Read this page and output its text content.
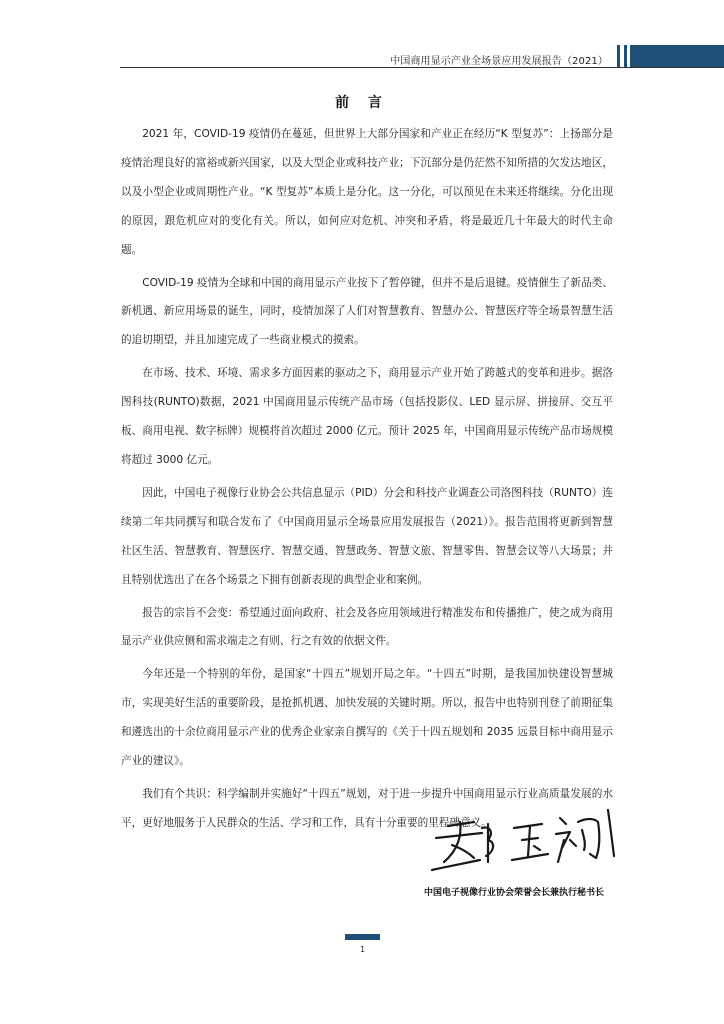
中国商用显示产业全场景应用发展报告（2021）
前 言

2021 年，COVID-19 疫情仍在蔓延，但世界上大部分国家和产业正在经历“K 型复苏”：上扬部分是疫情治理良好的富裕或新兴国家，以及大型企业或科技产业；下沉部分是仍茫然不知所措的欠发达地区，以及小型企业或周期性产业。“K 型复苏”本质上是分化。这一分化，可以预见在未来还将继续。分化出现的原因，跟危机应对的变化有关。所以，如何应对危机、冲突和矛盾，将是最近几十年最大的时代主命题。

COVID-19 疫情为全球和中国的商用显示产业按下了暂停键，但并不是后退键。疫情催生了新品类、新机遇、新应用场景的诞生，同时，疫情加深了人们对智慧教育、智慧办公、智慧医疗等全场景智慧生活的追切期望，并且加速完成了一些商业模式的摸索。

在市场、技术、环境、需求多方面因素的驱动之下，商用显示产业开始了跨越式的变革和进步。据洛图科技(RUNTO)数据，2021 中国商用显示传统产品市场（包括投影仪、LED 显示屏、拼接屏、交互平板、商用电视、数字标牌）规模将首次超过 2000 亿元。预计 2025 年，中国商用显示传统产品市场规模将超过 3000 亿元。

因此，中国电子视像行业协会公共信息显示（PID）分会和科技产业调查公司洛图科技（RUNTO）连续第二年共同撰写和联合发布了《中国商用显示全场景应用发展报告（2021）》。报告范围将更新到智慧社区生活、智慧教育、智慧医疗、智慧交通、智慧政务、智慧文旅、智慧零售、智慧会议等八大场景；并且特别优选出了在各个场景之下拥有创新表现的典型企业和案例。

报告的宗旨不会变：希望通过面向政府、社会及各应用领域进行精准发布和传播推广，使之成为商用显示产业供应侧和需求端走之有则、行之有效的依据文件。

今年还是一个特别的年份，是国家“十四五”规划开局之年。“十四五”时期，是我国加快建设智慧城市，实现美好生活的重要阶段，是抢抓机遇、加快发展的关键时期。所以，报告中也特别刊登了前期征集和遴选出的十余位商用显示产业的优秀企业家亲自撰写的《关于十四五规划和 2035 远景目标中商用显示产业的建议》。

我们有个共识：科学编制并实施好“十四五”规划，对于进一步提升中国商用显示行业高质量发展的水平，更好地服务于人民群众的生活、学习和工作，具有十分重要的里程碑意义。

中国电子视像行业协会荣誉会长兼执行秘书长
1
